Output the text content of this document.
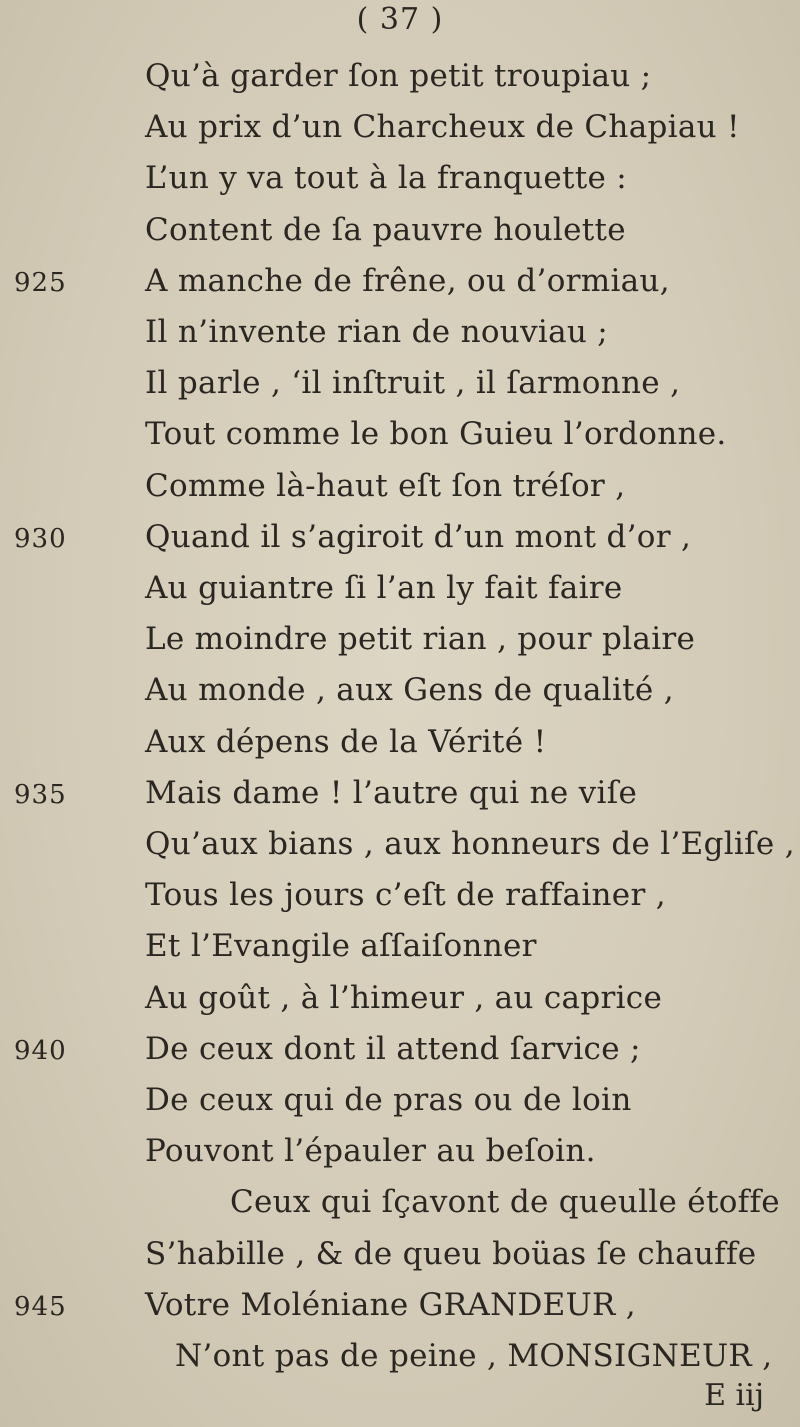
( 37 )
Qu’à garder ſon petit troupiau ;
Au prix d’un Charcheux de Chapiau !
L’un y va tout à la franquette :
Content de ſa pauvre houlette
A manche de frêne, ou d’ormiau,
Il n’invente rian de nouviau ;
Il parle , ‘il inſtruit , il ſarmonne ,
Tout comme le bon Guieu l’ordonne.
Comme là-haut eſt ſon tréſor ,
Quand il s’agiroit d’un mont d’or ,
Au guiantre ſi l’an ly fait faire
Le moindre petit rian , pour plaire
Au monde , aux Gens de qualité ,
Aux dépens de la Vérité !
Mais dame ! l’autre qui ne viſe
Qu’aux bians , aux honneurs de l’Egliſe ,
Tous les jours c’eſt de raffainer ,
Et l’Evangile aſſaiſonner
Au goût , à l’himeur , au caprice
De ceux dont il attend ſarvice ;
De ceux qui de pras ou de loin
Pouvont l’épauler au beſoin.
Ceux qui ſçavont de queulle étoffe
S’habille , & de queu boüas ſe chauffe
Votre Moléniane GRANDEUR ,
N’ont pas de peine , MONSIGNEUR ,
925
930
935
940
945
E iij
